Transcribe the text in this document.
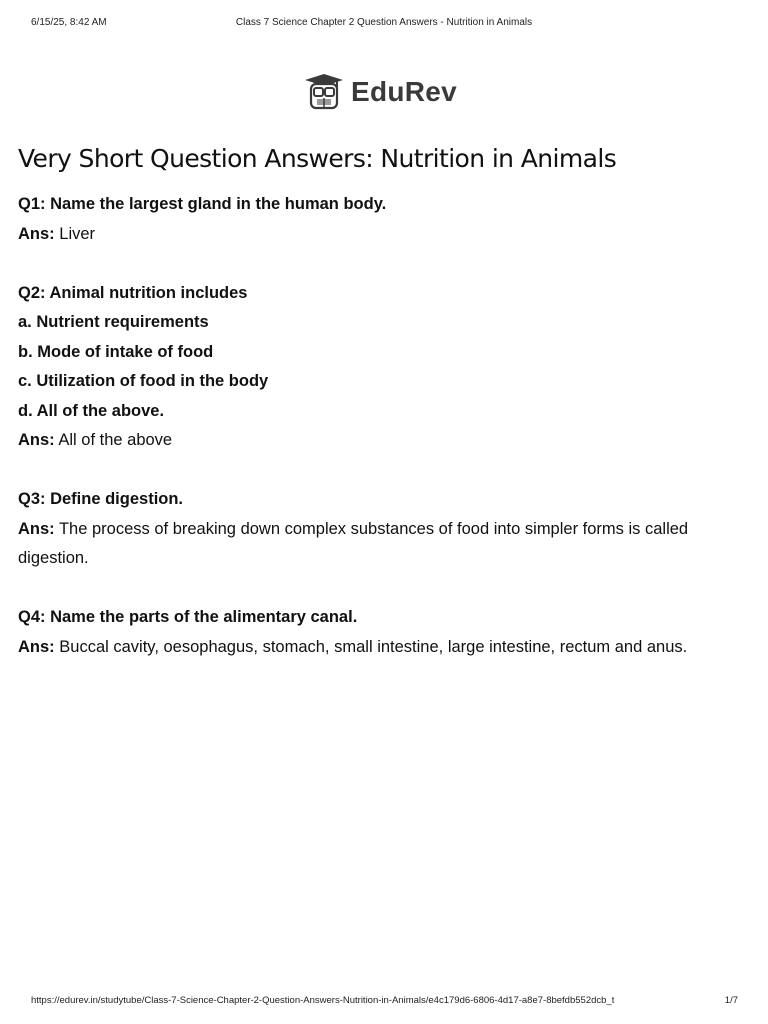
6/15/25, 8:42 AM	Class 7 Science Chapter 2 Question Answers - Nutrition in Animals
EduRev
Very Short Question Answers: Nutrition in Animals

Q1: Name the largest gland in the human body.

Ans: Liver

Q2: Animal nutrition includes

a. Nutrient requirements

b. Mode of intake of food

c. Utilization of food in the body

d. All of the above.

Ans: All of the above

Q3: Define digestion.

Ans: The process of breaking down complex substances of food into simpler forms is called digestion.

Q4: Name the parts of the alimentary canal.

Ans: Buccal cavity, oesophagus, stomach, small intestine, large intestine, rectum and anus.

https://edurev.in/studytube/Class-7-Science-Chapter-2-Question-Answers-Nutrition-in-Animals/e4c179d6-6806-4d17-a8e7-8befdb552dcb_t	1/7
